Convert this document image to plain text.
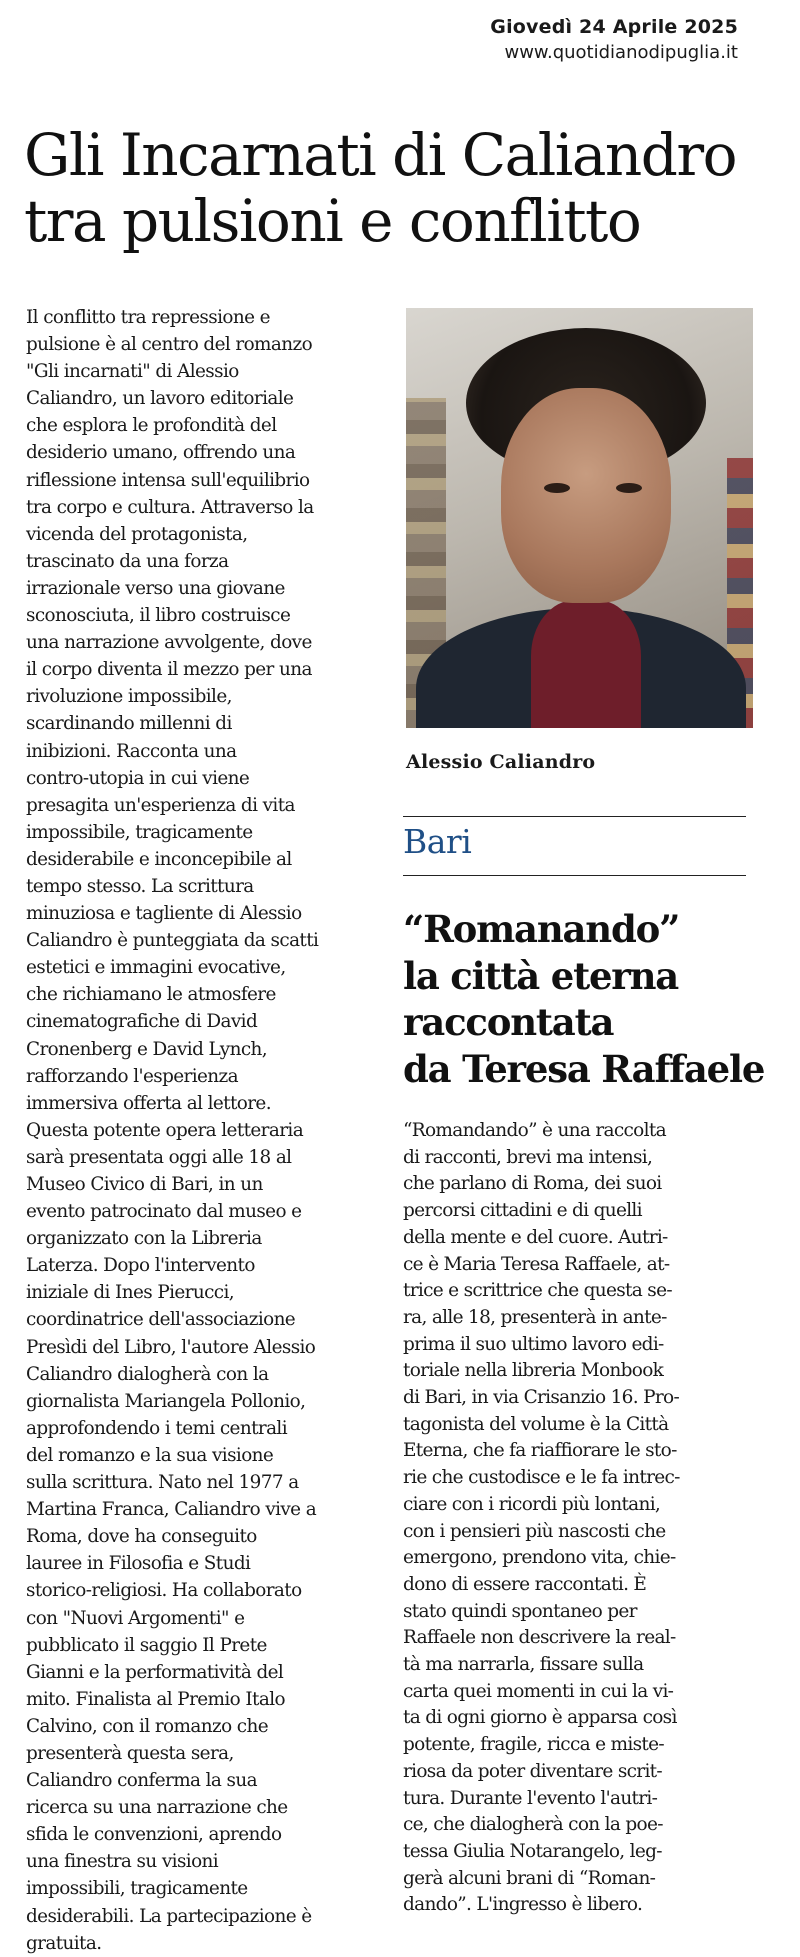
Giovedì 24 Aprile 2025
www.quotidianodipuglia.it
Gli Incarnati di Caliandro
tra pulsioni e conflitto
Il conflitto tra repressione e
pulsione è al centro del romanzo
"Gli incarnati" di Alessio
Caliandro, un lavoro editoriale
che esplora le profondità del
desiderio umano, offrendo una
riflessione intensa sull'equilibrio
tra corpo e cultura. Attraverso la
vicenda del protagonista,
trascinato da una forza
irrazionale verso una giovane
sconosciuta, il libro costruisce
una narrazione avvolgente, dove
il corpo diventa il mezzo per una
rivoluzione impossibile,
scardinando millenni di
inibizioni. Racconta una
contro-utopia in cui viene
presagita un'esperienza di vita
impossibile, tragicamente
desiderabile e inconcepibile al
tempo stesso. La scrittura
minuziosa e tagliente di Alessio
Caliandro è punteggiata da scatti
estetici e immagini evocative,
che richiamano le atmosfere
cinematografiche di David
Cronenberg e David Lynch,
rafforzando l'esperienza
immersiva offerta al lettore.
Questa potente opera letteraria
sarà presentata oggi alle 18 al
Museo Civico di Bari, in un
evento patrocinato dal museo e
organizzato con la Libreria
Laterza. Dopo l'intervento
iniziale di Ines Pierucci,
coordinatrice dell'associazione
Presìdi del Libro, l'autore Alessio
Caliandro dialogherà con la
giornalista Mariangela Pollonio,
approfondendo i temi centrali
del romanzo e la sua visione
sulla scrittura. Nato nel 1977 a
Martina Franca, Caliandro vive a
Roma, dove ha conseguito
lauree in Filosofia e Studi
storico-religiosi. Ha collaborato
con "Nuovi Argomenti" e
pubblicato il saggio Il Prete
Gianni e la performatività del
mito. Finalista al Premio Italo
Calvino, con il romanzo che
presenterà questa sera,
Caliandro conferma la sua
ricerca su una narrazione che
sfida le convenzioni, aprendo
una finestra su visioni
impossibili, tragicamente
desiderabili. La partecipazione è
gratuita.
Alessio Caliandro
Bari
“Romanando”
la città eterna
raccontata
da Teresa Raffaele
“Romandando” è una raccolta
di racconti, brevi ma intensi,
che parlano di Roma, dei suoi
percorsi cittadini e di quelli
della mente e del cuore. Autri-
ce è Maria Teresa Raffaele, at-
trice e scrittrice che questa se-
ra, alle 18, presenterà in ante-
prima il suo ultimo lavoro edi-
toriale nella libreria Monbook
di Bari, in via Crisanzio 16. Pro-
tagonista del volume è la Città
Eterna, che fa riaffiorare le sto-
rie che custodisce e le fa intrec-
ciare con i ricordi più lontani,
con i pensieri più nascosti che
emergono, prendono vita, chie-
dono di essere raccontati. È
stato quindi spontaneo per
Raffaele non descrivere la real-
tà ma narrarla, fissare sulla
carta quei momenti in cui la vi-
ta di ogni giorno è apparsa così
potente, fragile, ricca e miste-
riosa da poter diventare scrit-
tura. Durante l'evento l'autri-
ce, che dialogherà con la poe-
tessa Giulia Notarangelo, leg-
gerà alcuni brani di “Roman-
dando”. L'ingresso è libero.
